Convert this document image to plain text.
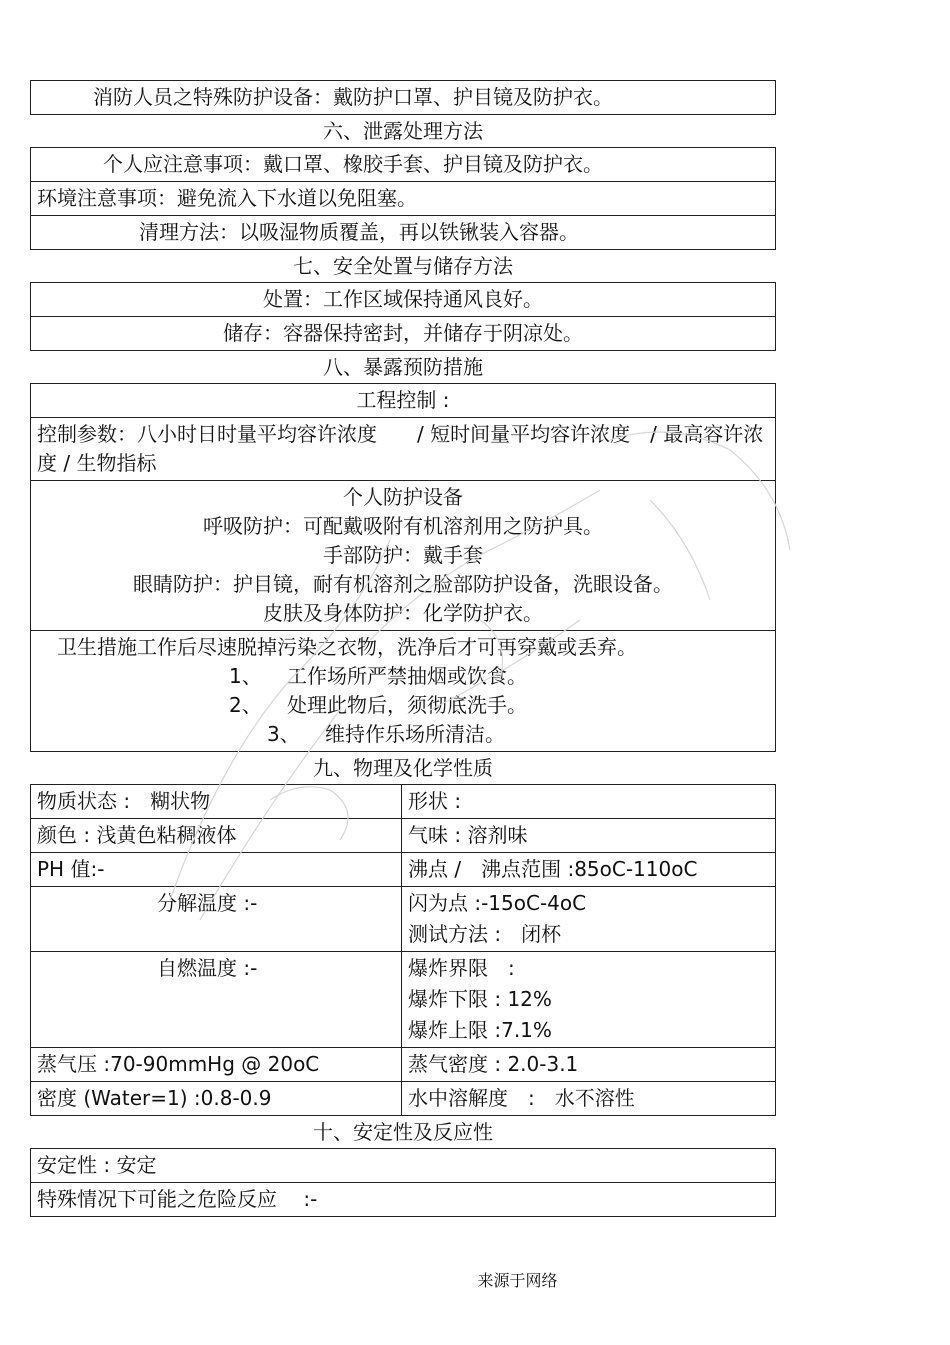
消防人员之特殊防护设备：戴防护口罩、护目镜及防护衣。
六、泄露处理方法
个人应注意事项：戴口罩、橡胶手套、护目镜及防护衣。
环境注意事项：避免流入下水道以免阻塞。
清理方法：以吸湿物质覆盖，再以铁锹装入容器。
七、安全处置与储存方法
处置：工作区域保持通风良好。
储存：容器保持密封，并储存于阴凉处。
八、暴露预防措施
工程控制 :
控制参数：八小时日时量平均容许浓度　　/ 短时间量平均容许浓度　/ 最高容许浓度 / 生物指标
个人防护设备
呼吸防护：可配戴吸附有机溶剂用之防护具。
手部防护：戴手套
眼睛防护：护目镜，耐有机溶剂之脸部防护设备，洗眼设备。
皮肤及身体防护：化学防护衣。
卫生措施工作后尽速脱掉污染之衣物，洗净后才可再穿戴或丢弃。
1、 工作场所严禁抽烟或饮食。
2、 处理此物后，须彻底洗手。
3、 维持作乐场所清洁。
九、物理及化学性质
物质状态 :　糊状物	形状 :
颜色 : 浅黄色粘稠液体	气味 : 溶剂味
PH 值:-	沸点 /　沸点范围 :85oC-110oC
分解温度 :-	闪为点 :-15oC-4oC
测试方法 :　闭杯
自燃温度 :-	爆炸界限　:
爆炸下限 : 12%
爆炸上限 :7.1%
蒸气压 :70-90mmHg @ 20oC	蒸气密度 : 2.0-3.1
密度 (Water=1) :0.8-0.9	水中溶解度　:　水不溶性
十、安定性及反应性
安定性 : 安定
特殊情况下可能之危险反应　 :-
来源于网络
